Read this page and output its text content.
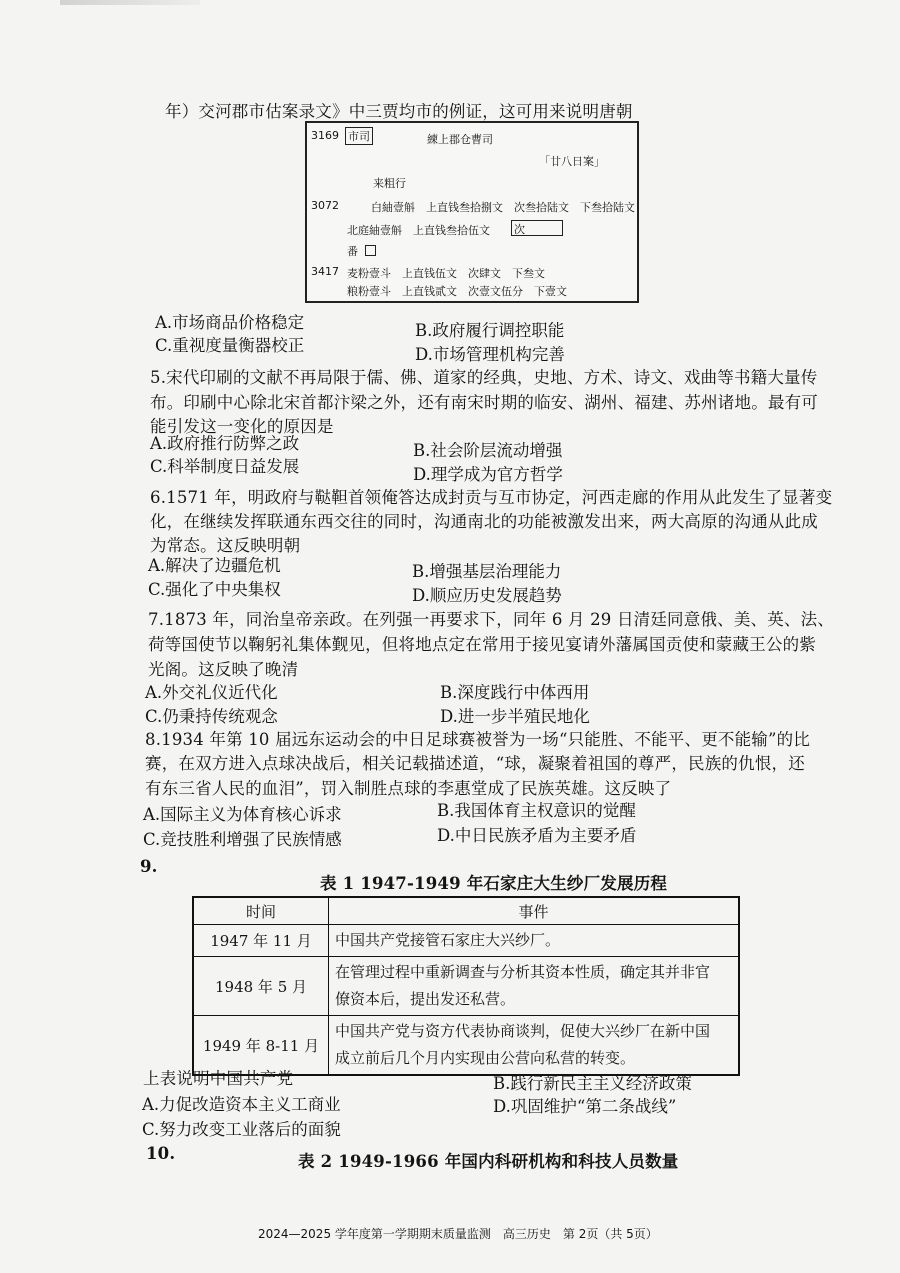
年）交河郡市估案录文》中三贾均市的例证，这可用来说明唐朝
3169 市司	練上郡仓曹司
「廿八日案」
来粗行
3072	白紬壹斛　上直钱叁拾捌文　次叁拾陆文　下叁拾陆文
北庭紬壹斛　上直钱叁拾伍文 次
番
3417 麦粉壹斗　上直钱伍文　次肆文　下叁文
粮粉壹斗　上直钱贰文　次壹文伍分　下壹文
A.市场商品价格稳定	B.政府履行调控职能
C.重视度量衡器校正	D.市场管理机构完善
5.宋代印刷的文献不再局限于儒、佛、道家的经典，史地、方术、诗文、戏曲等书籍大量传
布。印刷中心除北宋首都汴梁之外，还有南宋时期的临安、湖州、福建、苏州诸地。最有可
能引发这一变化的原因是
A.政府推行防弊之政	B.社会阶层流动增强
C.科举制度日益发展	D.理学成为官方哲学
6.1571 年，明政府与鞑靼首领俺答达成封贡与互市协定，河西走廊的作用从此发生了显著变
化，在继续发挥联通东西交往的同时，沟通南北的功能被激发出来，两大高原的沟通从此成
为常态。这反映明朝
A.解决了边疆危机	B.增强基层治理能力
C.强化了中央集权	D.顺应历史发展趋势
7.1873 年，同治皇帝亲政。在列强一再要求下，同年 6 月 29 日清廷同意俄、美、英、法、
荷等国使节以鞠躬礼集体觐见，但将地点定在常用于接见宴请外藩属国贡使和蒙藏王公的紫
光阁。这反映了晚清
A.外交礼仪近代化	B.深度践行中体西用
C.仍秉持传统观念	D.进一步半殖民地化
8.1934 年第 10 届远东运动会的中日足球赛被誉为一场“只能胜、不能平、更不能输”的比
赛，在双方进入点球决战后，相关记载描述道，“球，凝聚着祖国的尊严，民族的仇恨，还
有东三省人民的血泪”，罚入制胜点球的李惠堂成了民族英雄。这反映了
A.国际主义为体育核心诉求	B.我国体育主权意识的觉醒
C.竞技胜利增强了民族情感	D.中日民族矛盾为主要矛盾
9.
表 1 1947-1949 年石家庄大生纱厂发展历程
时间	事件
1947 年 11 月	中国共产党接管石家庄大兴纱厂。
1948 年 5 月	在管理过程中重新调查与分析其资本性质，确定其并非官
僚资本后，提出发还私营。
1949 年 8-11 月	中国共产党与资方代表协商谈判，促使大兴纱厂在新中国
成立前后几个月内实现由公营向私营的转变。
上表说明中国共产党	B.践行新民主主义经济政策
A.力促改造资本主义工商业	D.巩固维护“第二条战线”
C.努力改变工业落后的面貌
10.	表 2 1949-1966 年国内科研机构和科技人员数量
2024—2025 学年度第一学期期末质量监测　高三历史　第 2页（共 5页）
